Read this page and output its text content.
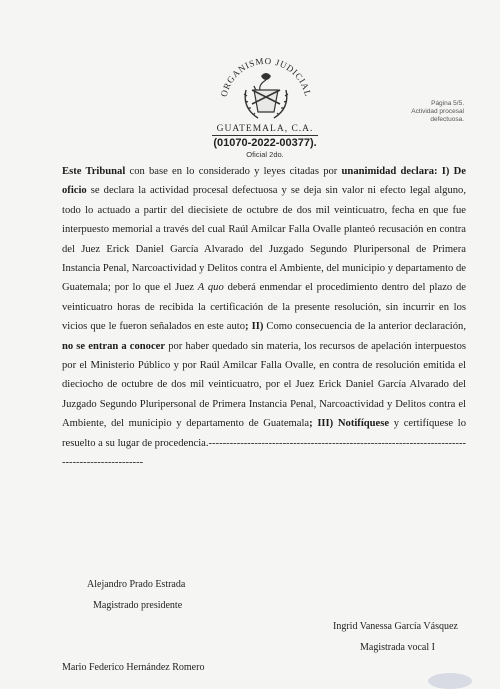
ORGANISMO JUDICIAL
GUATEMALA, C.A.
(01070-2022-00377).
Oficial 2do.
Página 5/5.
Actividad procesal
defectuosa.
Este Tribunal con base en lo considerado y leyes citadas por unanimidad declara: I) De oficio se declara la actividad procesal defectuosa y se deja sin valor ni efecto legal alguno, todo lo actuado a partir del diecisiete de octubre de dos mil veinticuatro, fecha en que fue interpuesto memorial a través del cual Raúl Amilcar Falla Ovalle planteó recusación en contra del Juez Erick Daniel García Alvarado del Juzgado Segundo Pluripersonal de Primera Instancia Penal, Narcoactividad y Delitos contra el Ambiente, del municipio y departamento de Guatemala; por lo que el Juez A quo deberá enmendar el procedimiento dentro del plazo de veinticuatro horas de recibida la certificación de la presente resolución, sin incurrir en los vicios que le fueron señalados en este auto; II) Como consecuencia de la anterior declaración, no se entran a conocer por haber quedado sin materia, los recursos de apelación interpuestos por el Ministerio Público y por Raúl Amilcar Falla Ovalle, en contra de resolución emitida el dieciocho de octubre de dos mil veinticuatro, por el Juez Erick Daniel García Alvarado del Juzgado Segundo Pluripersonal de Primera Instancia Penal, Narcoactividad y Delitos contra el Ambiente, del municipio y departamento de Guatemala; III) Notifíquese y certifíquese lo resuelto a su lugar de procedencia.------------------------------------------------------------------------------------------------
Alejandro Prado Estrada
Magistrado presidente
Ingrid Vanessa García Vásquez
Magistrada vocal I
Mario Federico Hernández Romero
